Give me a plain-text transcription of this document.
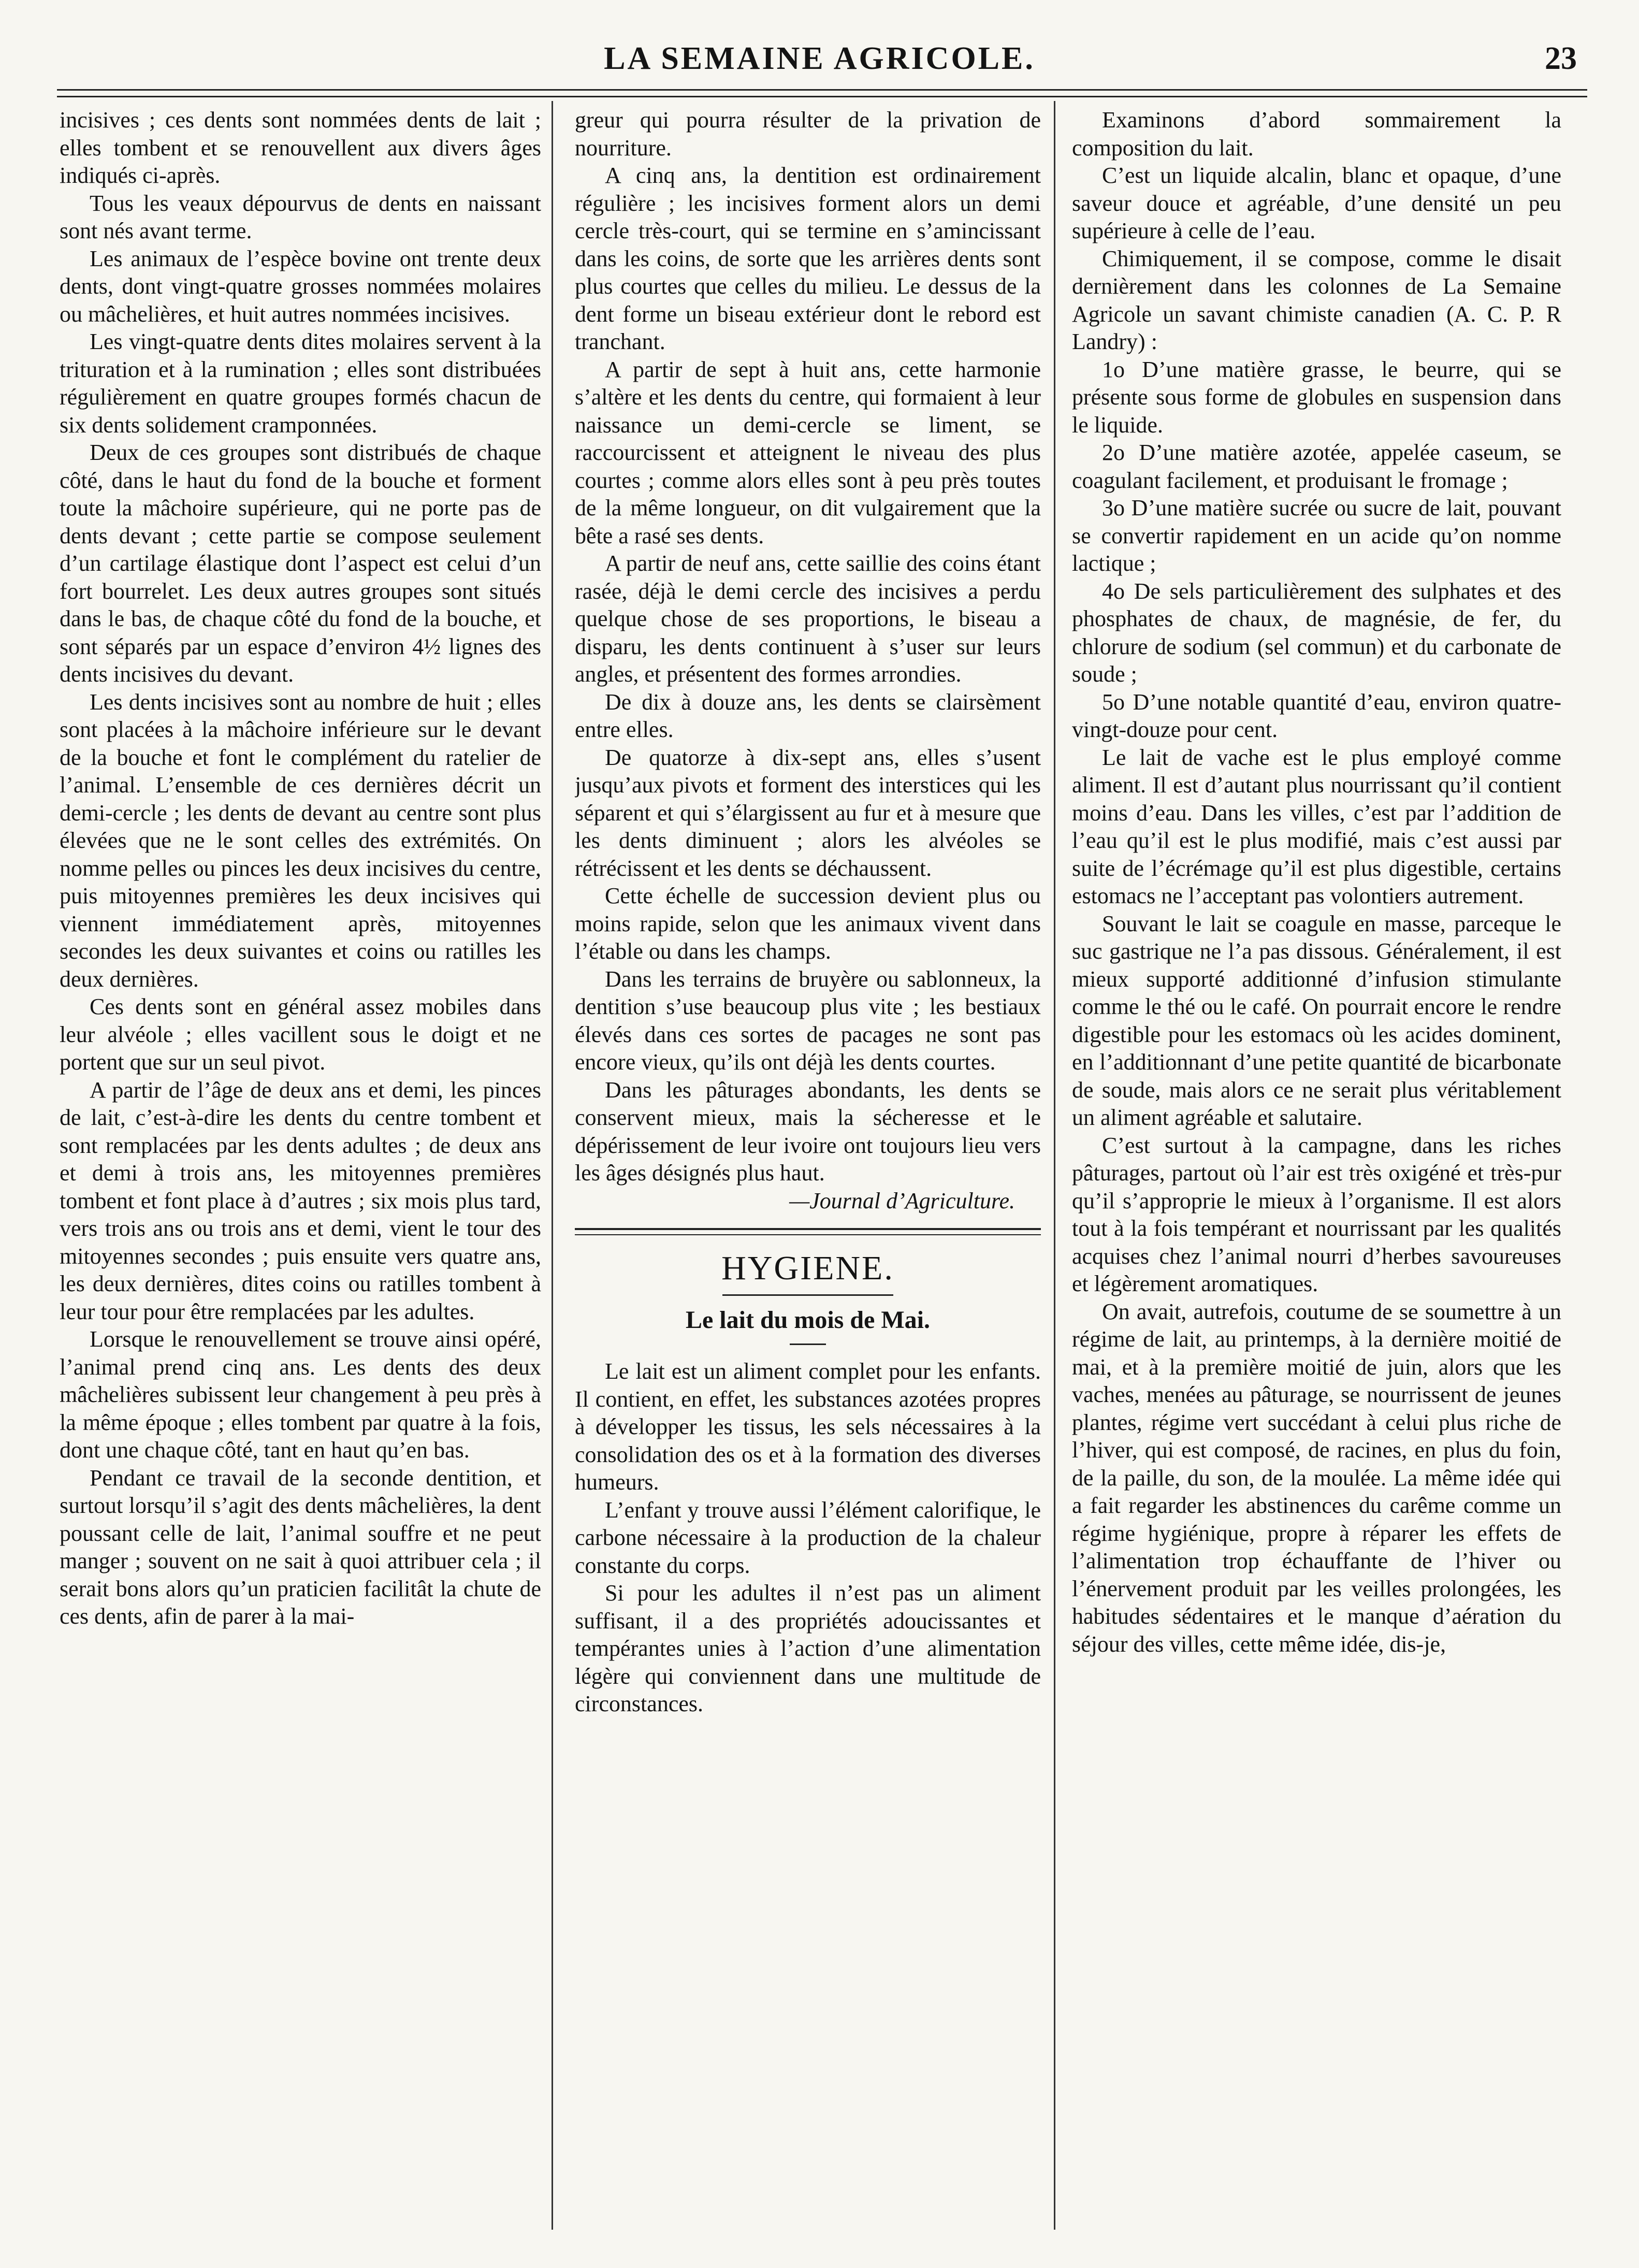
LA SEMAINE AGRICOLE.	23

incisives ; ces dents sont nommées dents de lait ; elles tombent et se renouvellent aux divers âges indiqués ci-après.

Tous les veaux dépourvus de dents en naissant sont nés avant terme.

Les animaux de l’espèce bovine ont trente deux dents, dont vingt-quatre grosses nommées molaires ou mâchelières, et huit autres nommées incisives.

Les vingt-quatre dents dites molaires servent à la trituration et à la rumination ; elles sont distribuées régulièrement en quatre groupes formés chacun de six dents solidement cramponnées.

Deux de ces groupes sont distribués de chaque côté, dans le haut du fond de la bouche et forment toute la mâchoire supérieure, qui ne porte pas de dents devant ; cette partie se compose seulement d’un cartilage élastique dont l’aspect est celui d’un fort bourrelet. Les deux autres groupes sont situés dans le bas, de chaque côté du fond de la bouche, et sont séparés par un espace d’environ 4½ lignes des dents incisives du devant.

Les dents incisives sont au nombre de huit ; elles sont placées à la mâchoire inférieure sur le devant de la bouche et font le complément du ratelier de l’animal. L’ensemble de ces dernières décrit un demi-cercle ; les dents de devant au centre sont plus élevées que ne le sont celles des extrémités. On nomme pelles ou pinces les deux incisives du centre, puis mitoyennes premières les deux incisives qui viennent immédiatement après, mitoyennes secondes les deux suivantes et coins ou ratilles les deux dernières.

Ces dents sont en général assez mobiles dans leur alvéole ; elles vacillent sous le doigt et ne portent que sur un seul pivot.

A partir de l’âge de deux ans et demi, les pinces de lait, c’est-à-dire les dents du centre tombent et sont remplacées par les dents adultes ; de deux ans et demi à trois ans, les mitoyennes premières tombent et font place à d’autres ; six mois plus tard, vers trois ans ou trois ans et demi, vient le tour des mitoyennes secondes ; puis ensuite vers quatre ans, les deux dernières, dites coins ou ratilles tombent à leur tour pour être remplacées par les adultes.

Lorsque le renouvellement se trouve ainsi opéré, l’animal prend cinq ans. Les dents des deux mâchelières subissent leur changement à peu près à la même époque ; elles tombent par quatre à la fois, dont une chaque côté, tant en haut qu’en bas.

Pendant ce travail de la seconde dentition, et surtout lorsqu’il s’agit des dents mâchelières, la dent poussant celle de lait, l’animal souffre et ne peut manger ; souvent on ne sait à quoi attribuer cela ; il serait bons alors qu’un praticien facilitât la chute de ces dents, afin de parer à la mai-

greur qui pourra résulter de la privation de nourriture.

A cinq ans, la dentition est ordinairement régulière ; les incisives forment alors un demi cercle très-court, qui se termine en s’amincissant dans les coins, de sorte que les arrières dents sont plus courtes que celles du milieu. Le dessus de la dent forme un biseau extérieur dont le rebord est tranchant.

A partir de sept à huit ans, cette harmonie s’altère et les dents du centre, qui formaient à leur naissance un demi-cercle se liment, se raccourcissent et atteignent le niveau des plus courtes ; comme alors elles sont à peu près toutes de la même longueur, on dit vulgairement que la bête a rasé ses dents.

A partir de neuf ans, cette saillie des coins étant rasée, déjà le demi cercle des incisives a perdu quelque chose de ses proportions, le biseau a disparu, les dents continuent à s’user sur leurs angles, et présentent des formes arrondies.

De dix à douze ans, les dents se clairsèment entre elles.

De quatorze à dix-sept ans, elles s’usent jusqu’aux pivots et forment des interstices qui les séparent et qui s’élargissent au fur et à mesure que les dents diminuent ; alors les alvéoles se rétrécissent et les dents se déchaussent.

Cette échelle de succession devient plus ou moins rapide, selon que les animaux vivent dans l’étable ou dans les champs.

Dans les terrains de bruyère ou sablonneux, la dentition s’use beaucoup plus vite ; les bestiaux élevés dans ces sortes de pacages ne sont pas encore vieux, qu’ils ont déjà les dents courtes.

Dans les pâturages abondants, les dents se conservent mieux, mais la sécheresse et le dépérissement de leur ivoire ont toujours lieu vers les âges désignés plus haut.

—Journal d’Agriculture.

HYGIENE.
Le lait du mois de Mai.

Le lait est un aliment complet pour les enfants. Il contient, en effet, les substances azotées propres à développer les tissus, les sels nécessaires à la consolidation des os et à la formation des diverses humeurs.

L’enfant y trouve aussi l’élément calorifique, le carbone nécessaire à la production de la chaleur constante du corps.

Si pour les adultes il n’est pas un aliment suffisant, il a des propriétés adoucissantes et tempérantes unies à l’action d’une alimentation légère qui conviennent dans une multitude de circonstances.

Examinons d’abord sommairement la composition du lait.

C’est un liquide alcalin, blanc et opaque, d’une saveur douce et agréable, d’une densité un peu supérieure à celle de l’eau.

Chimiquement, il se compose, comme le disait dernièrement dans les colonnes de La Semaine Agricole un savant chimiste canadien (A. C. P. R Landry) :

1o D’une matière grasse, le beurre, qui se présente sous forme de globules en suspension dans le liquide.

2o D’une matière azotée, appelée caseum, se coagulant facilement, et produisant le fromage ;

3o D’une matière sucrée ou sucre de lait, pouvant se convertir rapidement en un acide qu’on nomme lactique ;

4o De sels particulièrement des sulphates et des phosphates de chaux, de magnésie, de fer, du chlorure de sodium (sel commun) et du carbonate de soude ;

5o D’une notable quantité d’eau, environ quatre-vingt-douze pour cent.

Le lait de vache est le plus employé comme aliment. Il est d’autant plus nourrissant qu’il contient moins d’eau. Dans les villes, c’est par l’addition de l’eau qu’il est le plus modifié, mais c’est aussi par suite de l’écrémage qu’il est plus digestible, certains estomacs ne l’acceptant pas volontiers autrement.

Souvant le lait se coagule en masse, parceque le suc gastrique ne l’a pas dissous. Généralement, il est mieux supporté additionné d’infusion stimulante comme le thé ou le café. On pourrait encore le rendre digestible pour les estomacs où les acides dominent, en l’additionnant d’une petite quantité de bicarbonate de soude, mais alors ce ne serait plus véritablement un aliment agréable et salutaire.

C’est surtout à la campagne, dans les riches pâturages, partout où l’air est très oxigéné et très-pur qu’il s’approprie le mieux à l’organisme. Il est alors tout à la fois tempérant et nourrissant par les qualités acquises chez l’animal nourri d’herbes savoureuses et légèrement aromatiques.

On avait, autrefois, coutume de se soumettre à un régime de lait, au printemps, à la dernière moitié de mai, et à la première moitié de juin, alors que les vaches, menées au pâturage, se nourrissent de jeunes plantes, régime vert succédant à celui plus riche de l’hiver, qui est composé, de racines, en plus du foin, de la paille, du son, de la moulée. La même idée qui a fait regarder les abstinences du carême comme un régime hygiénique, propre à réparer les effets de l’alimentation trop échauffante de l’hiver ou l’énervement produit par les veilles prolongées, les habitudes sédentaires et le manque d’aération du séjour des villes, cette même idée, dis-je,
